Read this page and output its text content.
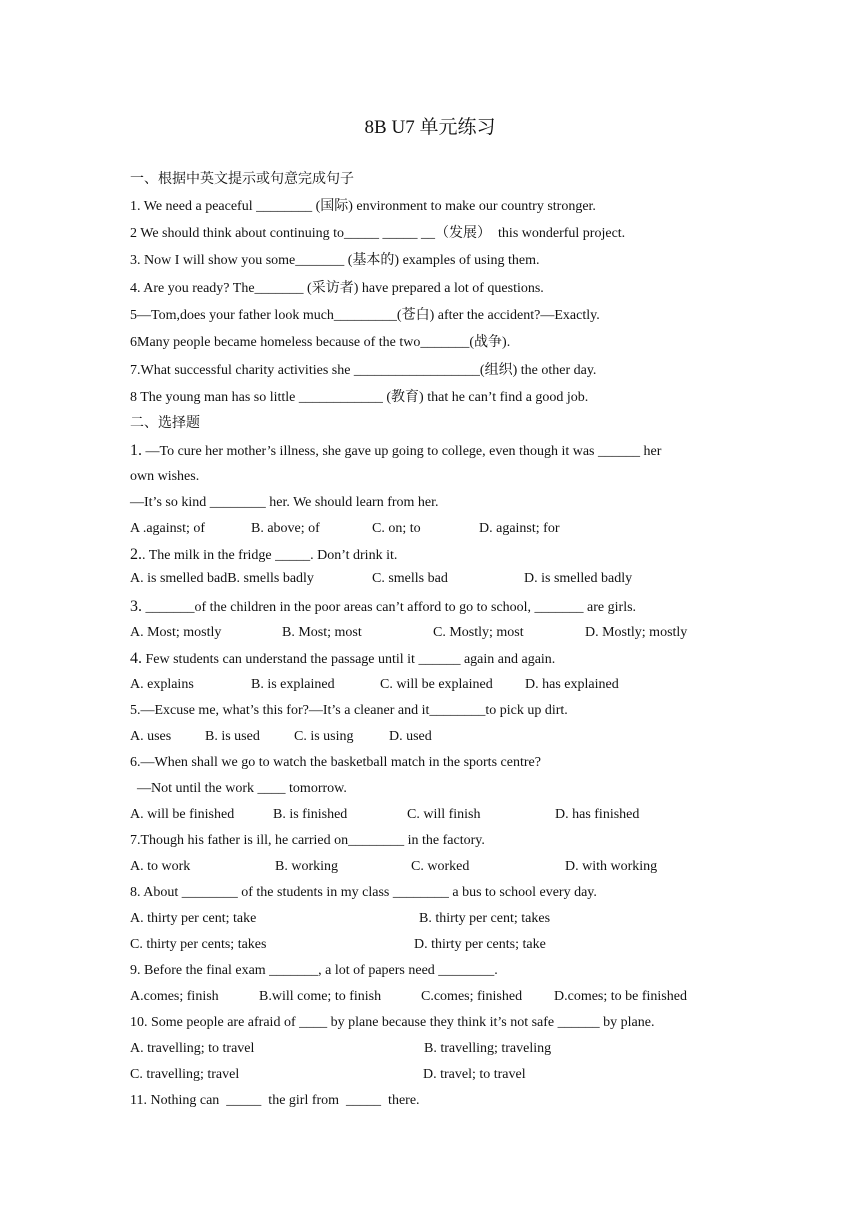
8B U7 单元练习
一、根据中英文提示或句意完成句子
1. We need a peaceful ________ (国际) environment to make our country stronger.
2 We should think about continuing to_____ _____ __（发展）  this wonderful project.
3. Now I will show you some_______ (基本的) examples of using them.
4. Are you ready? The_______ (采访者) have prepared a lot of questions.
5—Tom,does your father look much_________(苍白) after the accident?—Exactly.
6Many people became homeless because of the two_______(战争).
7.What successful charity activities she __________________(组织) the other day.
8 The young man has so little ____________ (教育) that he can’t find a good job.
二、选择题
1. —To cure her mother’s illness, she gave up going to college, even though it was ______ her
own wishes.
—It’s so kind ________ her. We should learn from her.
A .against; of	B. above; of	C. on; to	D. against; for
2.. The milk in the fridge _____. Don’t drink it.
A. is smelled badB. smells badly	C. smells bad	D. is smelled badly
3. _______of the children in the poor areas can’t afford to go to school, _______ are girls.
A. Most; mostly	B. Most; most	C. Mostly; most	D. Mostly; mostly
4. Few students can understand the passage until it ______ again and again.
A. explains	B. is explained	C. will be explained D. has explained
5.—Excuse me, what’s this for?—It’s a cleaner and it________to pick up dirt.
A. uses B. is used C. is using	D. used
6.—When shall we go to watch the basketball match in the sports centre?
—Not until the work ____ tomorrow.
A. will be finished	B. is finished	C. will finish	D. has finished
7.Though his father is ill, he carried on________ in the factory.
A. to work	B. working	C. worked	D. with working
8. About ________ of the students in my class ________ a bus to school every day.
A. thirty per cent; take	B. thirty per cent; takes
C. thirty per cents; takes	D. thirty per cents; take
9. Before the final exam _______, a lot of papers need ________.
A.comes; finish	B.will come; to finish	C.comes; finished D.comes; to be finished
10. Some people are afraid of ____ by plane because they think it’s not safe ______ by plane.
A. travelling; to travel	B. travelling; traveling
C. travelling; travel	D. travel; to travel
11. Nothing can  _____  the girl from  _____  there.
